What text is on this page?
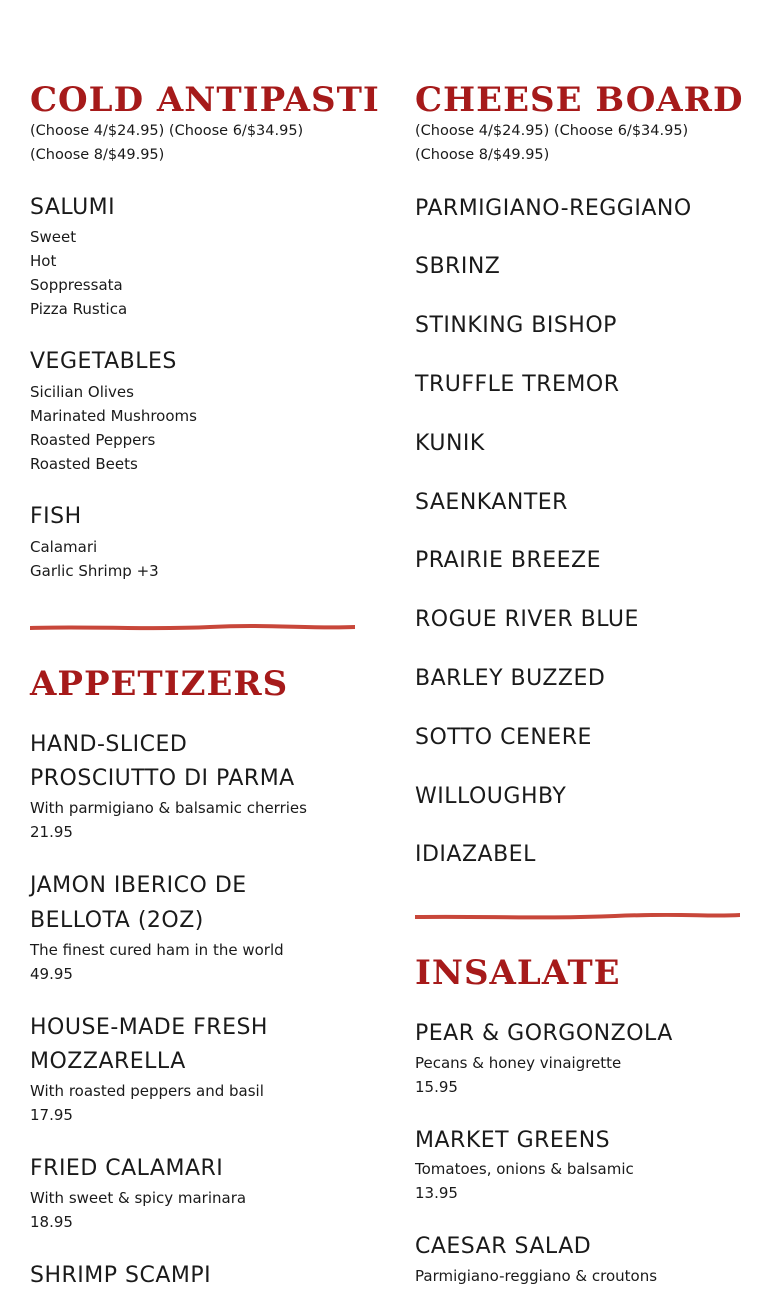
COLD ANTIPASTI

(Choose 4/$24.95) (Choose 6/$34.95)

(Choose 8/$49.95)

SALUMI

Sweet

Hot

Soppressata

Pizza Rustica

VEGETABLES

Sicilian Olives

Marinated Mushrooms

Roasted Peppers

Roasted Beets

FISH

Calamari

Garlic Shrimp +3

APPETIZERS

HAND-SLICED

PROSCIUTTO DI PARMA

With parmigiano & balsamic cherries

21.95

JAMON IBERICO DE

BELLOTA (2OZ)

The finest cured ham in the world

49.95

HOUSE-MADE FRESH

MOZZARELLA

With roasted peppers and basil

17.95

FRIED CALAMARI

With sweet & spicy marinara

18.95

SHRIMP SCAMPI

CHEESE BOARD

(Choose 4/$24.95) (Choose 6/$34.95)

(Choose 8/$49.95)

PARMIGIANO-REGGIANO

SBRINZ

STINKING BISHOP

TRUFFLE TREMOR

KUNIK

SAENKANTER

PRAIRIE BREEZE

ROGUE RIVER BLUE

BARLEY BUZZED

SOTTO CENERE

WILLOUGHBY

IDIAZABEL

INSALATE

PEAR & GORGONZOLA

Pecans & honey vinaigrette

15.95

MARKET GREENS

Tomatoes, onions & balsamic

13.95

CAESAR SALAD

Parmigiano-reggiano & croutons
